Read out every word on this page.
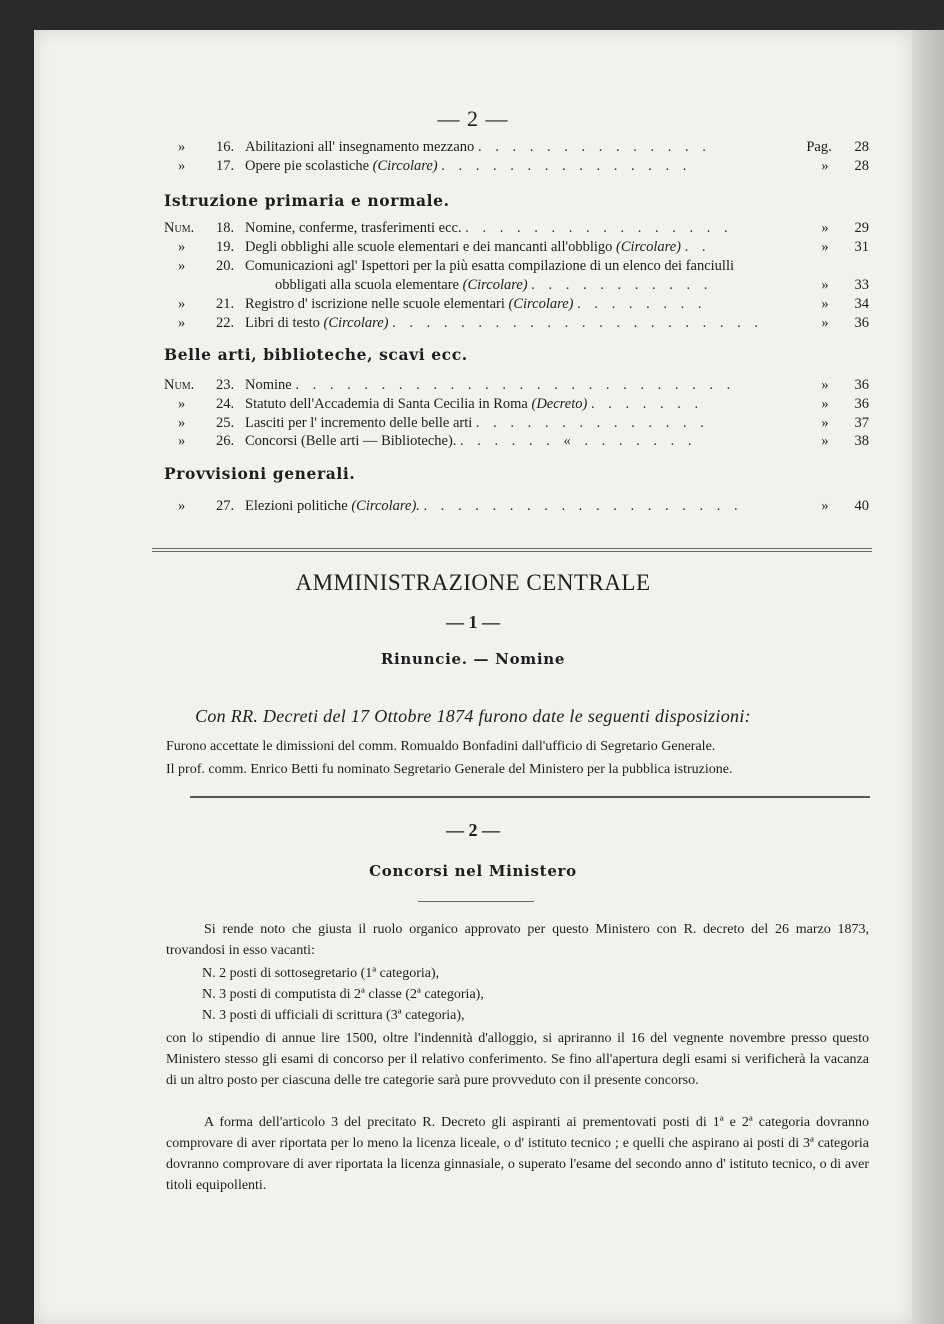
— 2 —
»	16. Abilitazioni all' insegnamento mezzano . . . . . . . . . . . . . .	Pag.	28
»	17. Opere pie scolastiche (Circolare) . . . . . . . . . . . . . . .	»	28
Istruzione primaria e normale.
Num. 18. Nomine, conferme, trasferimenti ecc. . . . . . . . . . . . . . . . .	»	29
»	19. Degli obblighi alle scuole elementari e dei mancanti all'obbligo (Circolare) . .	»	31
»	20. Comunicazioni agl' Ispettori per la più esatta compilazione di un elenco dei fanciulli
obbligati alla scuola elementare (Circolare) . . . . . . . . . . .	»	33
»	21. Registro d' iscrizione nelle scuole elementari (Circolare) . . . . . . . .	»	34
»	22. Libri di testo (Circolare) . . . . . . . . . . . . . . . . . . . . . .	»	36
Belle arti, biblioteche, scavi ecc.
Num. 23. Nomine . . . . . . . . . . . . . . . . . . . . . . . . . .	»	36
»	24. Statuto dell'Accademia di Santa Cecilia in Roma (Decreto) . . . . . . .	»	36
»	25. Lasciti per l' incremento delle belle arti . . . . . . . . . . . . . .	»	37
»	26. Concorsi (Belle arti — Biblioteche). . . . . . . « . . . . . . .	»	38
Provvisioni generali.
»	27. Elezioni politiche (Circolare). . . . . . . . . . . . . . . . . . . .	»	40
AMMINISTRAZIONE CENTRALE
— 1 —
Rinuncie. — Nomine
Con RR. Decreti del 17 Ottobre 1874 furono date le seguenti disposizioni:
Furono accettate le dimissioni del comm. Romualdo Bonfadini dall'ufficio di Segretario Generale.
Il prof. comm. Enrico Betti fu nominato Segretario Generale del Ministero per la pubblica istruzione.
— 2 —
Concorsi nel Ministero
Si rende noto che giusta il ruolo organico approvato per questo Ministero con R. decreto del 26 marzo 1873, trovandosi in esso vacanti:
N. 2 posti di sottosegretario (1ª categoria),
N. 3 posti di computista di 2ª classe (2ª categoria),
N. 3 posti di ufficiali di scrittura (3ª categoria),
con lo stipendio di annue lire 1500, oltre l'indennità d'alloggio, si apriranno il 16 del vegnente novembre presso questo Ministero stesso gli esami di concorso per il relativo conferimento. Se fino all'apertura degli esami si verificherà la vacanza di un altro posto per ciascuna delle tre categorie sarà pure provveduto con il presente concorso.
A forma dell'articolo 3 del precitato R. Decreto gli aspiranti ai prementovati posti di 1ª e 2ª categoria dovranno comprovare di aver riportata per lo meno la licenza liceale, o d' istituto tecnico ; e quelli che aspirano ai posti di 3ª categoria dovranno comprovare di aver riportata la licenza ginnasiale, o superato l'esame del secondo anno d' istituto tecnico, o di aver titoli equipollenti.
